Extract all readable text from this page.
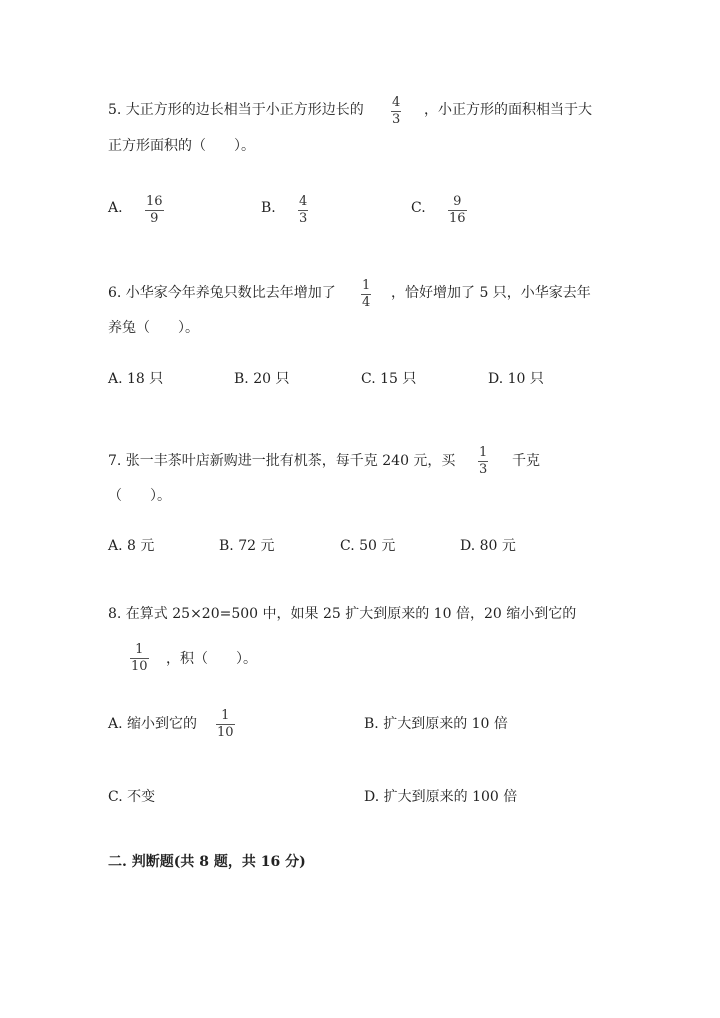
5. 大正方形的边长相当于小正方形边长的 4
3
，小正方形的面积相当于大
正方形面积的（　　）。
A. 16
9
B. 4
3
C.	9
16
6. 小华家今年养兔只数比去年增加了 1
4
，恰好增加了 5 只，小华家去年
养兔（　　）。
A. 18 只	B. 20 只	C. 15 只	D. 10 只
7. 张一丰茶叶店新购进一批有机茶，每千克 240 元，买
1
3
千克
（　　）。
A. 8 元	B. 72 元	C. 50 元	D. 80 元
8. 在算式 25×20=500 中，如果 25 扩大到原来的 10 倍，20 缩小到它的
1
10 ，积（　　）。
A. 缩小到它的
1
10
B. 扩大到原来的 10 倍
C. 不变	D. 扩大到原来的 100 倍
二. 判断题(共 8 题，共 16 分)
